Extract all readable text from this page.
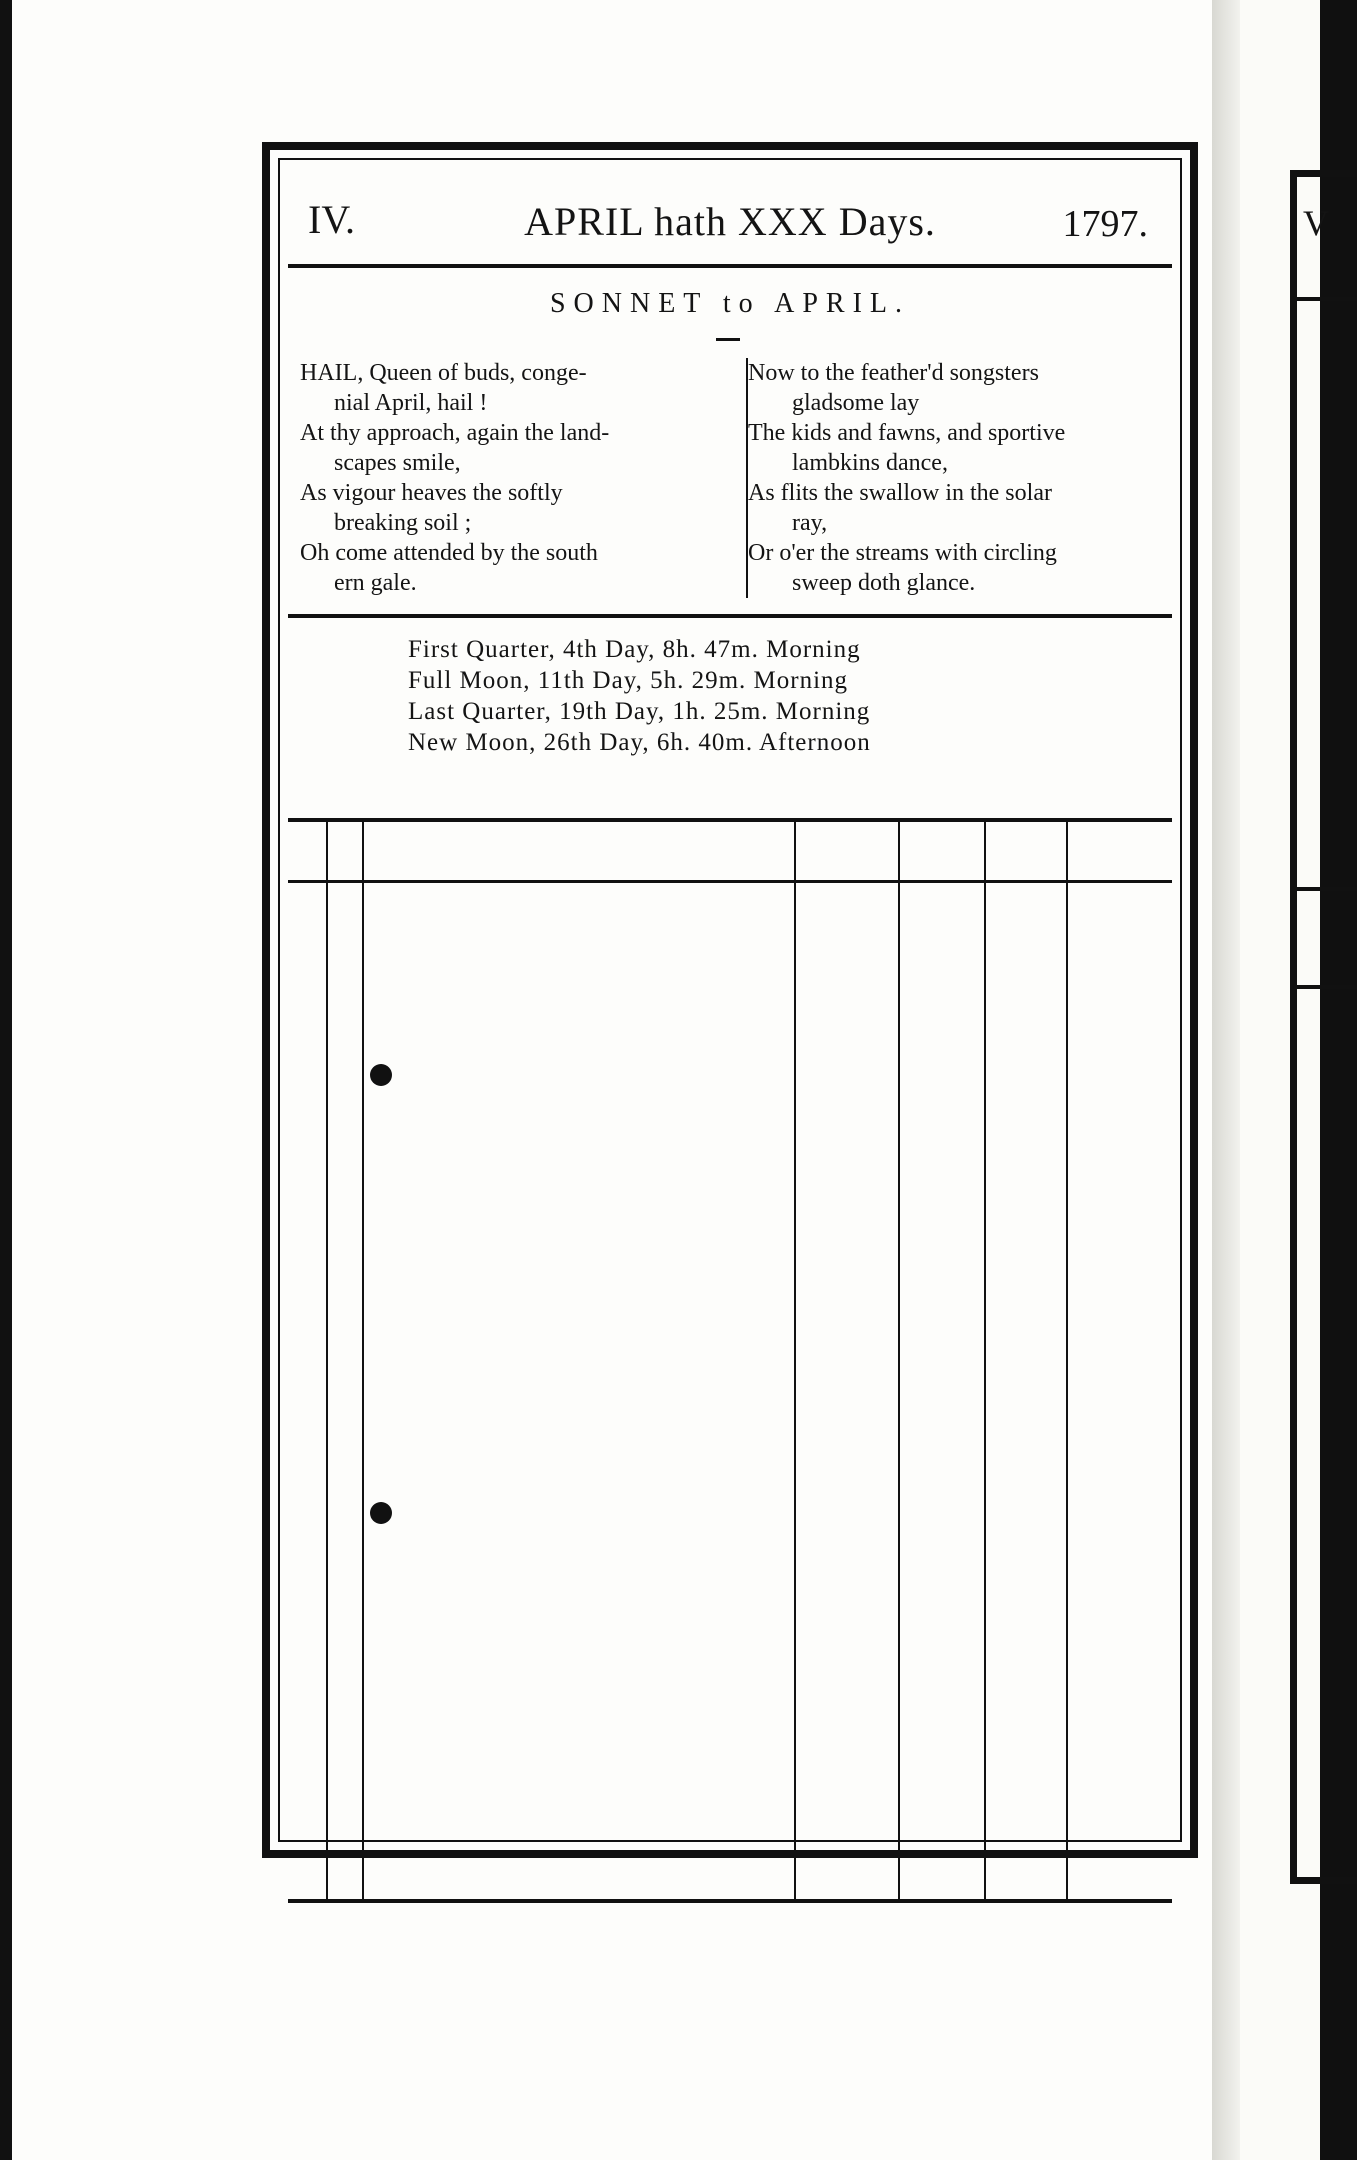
IV.	APRIL hath XXX Days.	1797.
SONNET to APRIL.
HAIL, Queen of buds, conge-
nial April, hail !
At thy approach, again the land-
scapes smile,
As vigour heaves the softly
breaking soil ;
Oh come attended by the south
ern gale.
Now to the feather'd songsters
gladsome lay
The kids and fawns, and sportive
lambkins dance,
As flits the swallow in the solar
ray,
Or o'er the streams with circling
sweep doth glance.
First Quarter, 4th Day, 8h. 47m. Morning
Full Moon, 11th Day, 5h. 29m. Morning
Last Quarter, 19th Day, 1h. 25m. Morning
New Moon, 26th Day, 6h. 40m. Afternoon
V
